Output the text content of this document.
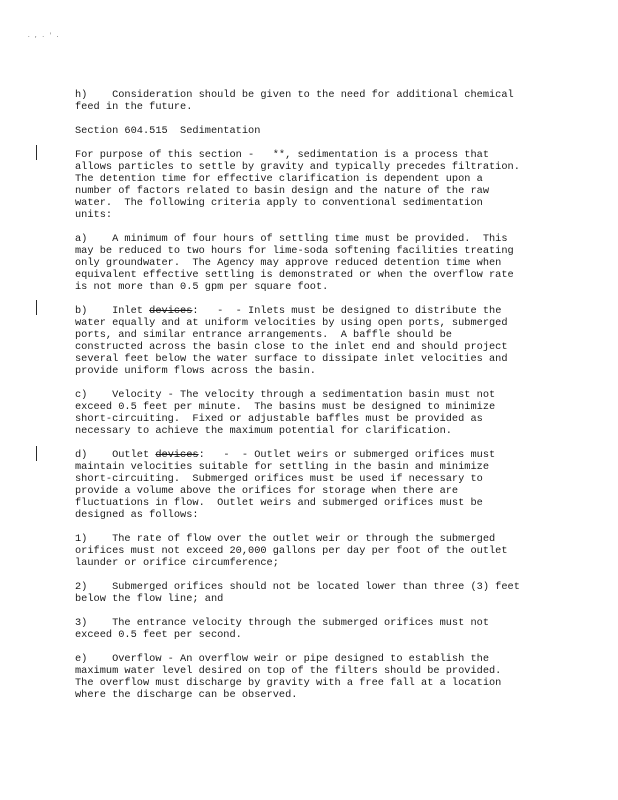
. , . ' .
h)    Consideration should be given to the need for additional chemical
feed in the future.
Section 604.515  Sedimentation
For purpose of this section -   **, sedimentation is a process that
allows particles to settle by gravity and typically precedes filtration.
The detention time for effective clarification is dependent upon a
number of factors related to basin design and the nature of the raw
water.  The following criteria apply to conventional sedimentation
units:
a)    A minimum of four hours of settling time must be provided.  This
may be reduced to two hours for lime-soda softening facilities treating
only groundwater.  The Agency may approve reduced detention time when
equivalent effective settling is demonstrated or when the overflow rate
is not more than 0.5 gpm per square foot.
b)    Inlet devices:   -  - Inlets must be designed to distribute the
water equally and at uniform velocities by using open ports, submerged
ports, and similar entrance arrangements.  A baffle should be
constructed across the basin close to the inlet end and should project
several feet below the water surface to dissipate inlet velocities and
provide uniform flows across the basin.
c)    Velocity - The velocity through a sedimentation basin must not
exceed 0.5 feet per minute.  The basins must be designed to minimize
short-circuiting.  Fixed or adjustable baffles must be provided as
necessary to achieve the maximum potential for clarification.
d)    Outlet devices:   -  - Outlet weirs or submerged orifices must
maintain velocities suitable for settling in the basin and minimize
short-circuiting.  Submerged orifices must be used if necessary to
provide a volume above the orifices for storage when there are
fluctuations in flow.  Outlet weirs and submerged orifices must be
designed as follows:
1)    The rate of flow over the outlet weir or through the submerged
orifices must not exceed 20,000 gallons per day per foot of the outlet
launder or orifice circumference;
2)    Submerged orifices should not be located lower than three (3) feet
below the flow line; and
3)    The entrance velocity through the submerged orifices must not
exceed 0.5 feet per second.
e)    Overflow - An overflow weir or pipe designed to establish the
maximum water level desired on top of the filters should be provided.
The overflow must discharge by gravity with a free fall at a location
where the discharge can be observed.
